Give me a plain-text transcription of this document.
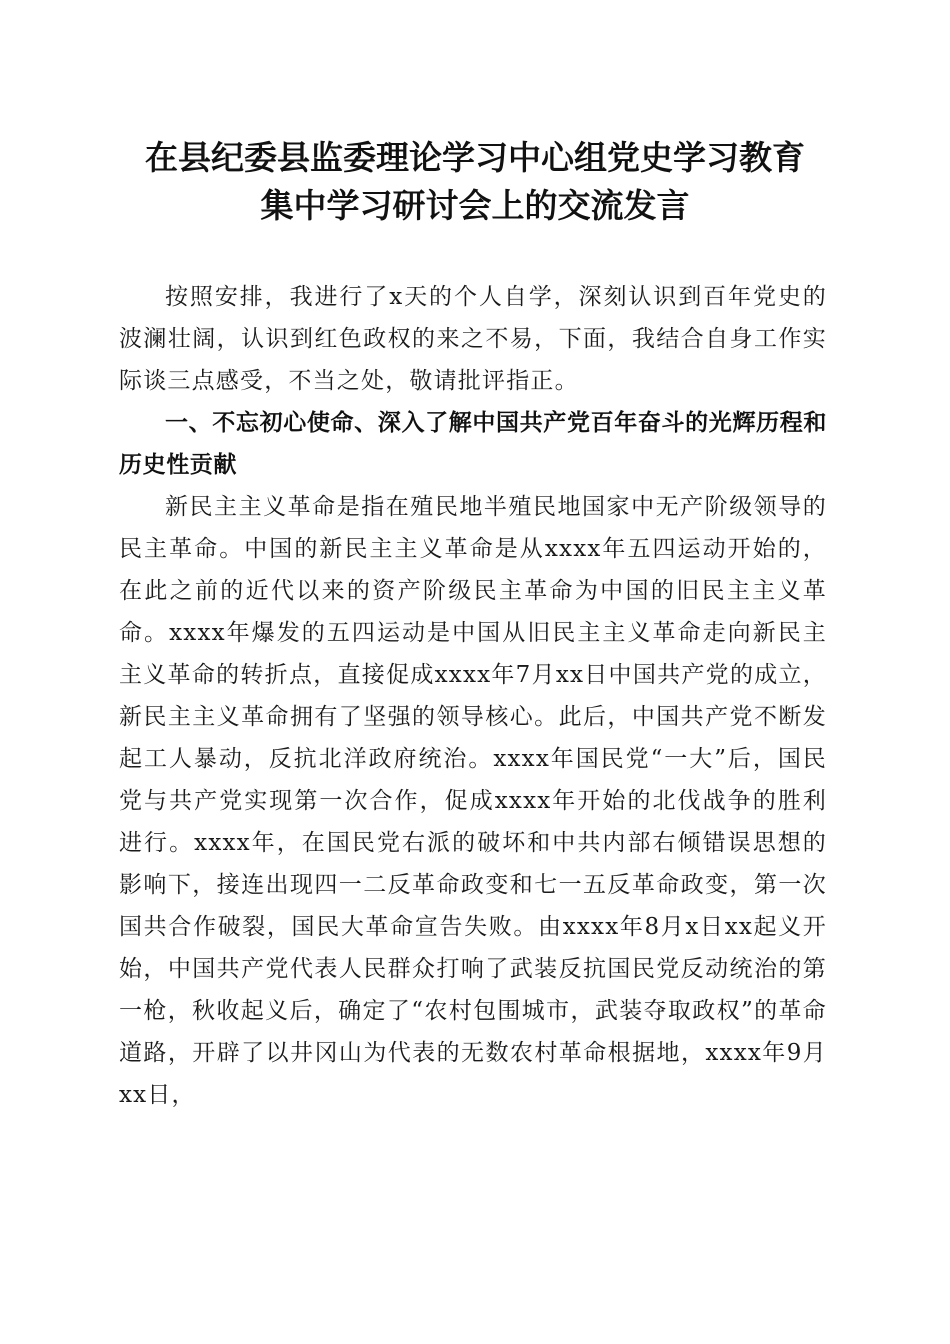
在县纪委县监委理论学习中心组党史学习教育
集中学习研讨会上的交流发言

按照安排，我进行了x天的个人自学，深刻认识到百年党史的波澜壮阔，认识到红色政权的来之不易，下面，我结合自身工作实际谈三点感受，不当之处，敬请批评指正。

一、不忘初心使命、深入了解中国共产党百年奋斗的光辉历程和历史性贡献

新民主主义革命是指在殖民地半殖民地国家中无产阶级领导的民主革命。中国的新民主主义革命是从xxxx年五四运动开始的，在此之前的近代以来的资产阶级民主革命为中国的旧民主主义革命。xxxx年爆发的五四运动是中国从旧民主主义革命走向新民主主义革命的转折点，直接促成xxxx年7月xx日中国共产党的成立，新民主主义革命拥有了坚强的领导核心。此后，中国共产党不断发起工人暴动，反抗北洋政府统治。xxxx年国民党“一大”后，国民党与共产党实现第一次合作，促成xxxx年开始的北伐战争的胜利进行。xxxx年，在国民党右派的破坏和中共内部右倾错误思想的影响下，接连出现四一二反革命政变和七一五反革命政变，第一次国共合作破裂，国民大革命宣告失败。由xxxx年8月x日xx起义开始，中国共产党代表人民群众打响了武装反抗国民党反动统治的第一枪，秋收起义后，确定了“农村包围城市，武装夺取政权”的革命道路，开辟了以井冈山为代表的无数农村革命根据地，xxxx年9月xx日，
